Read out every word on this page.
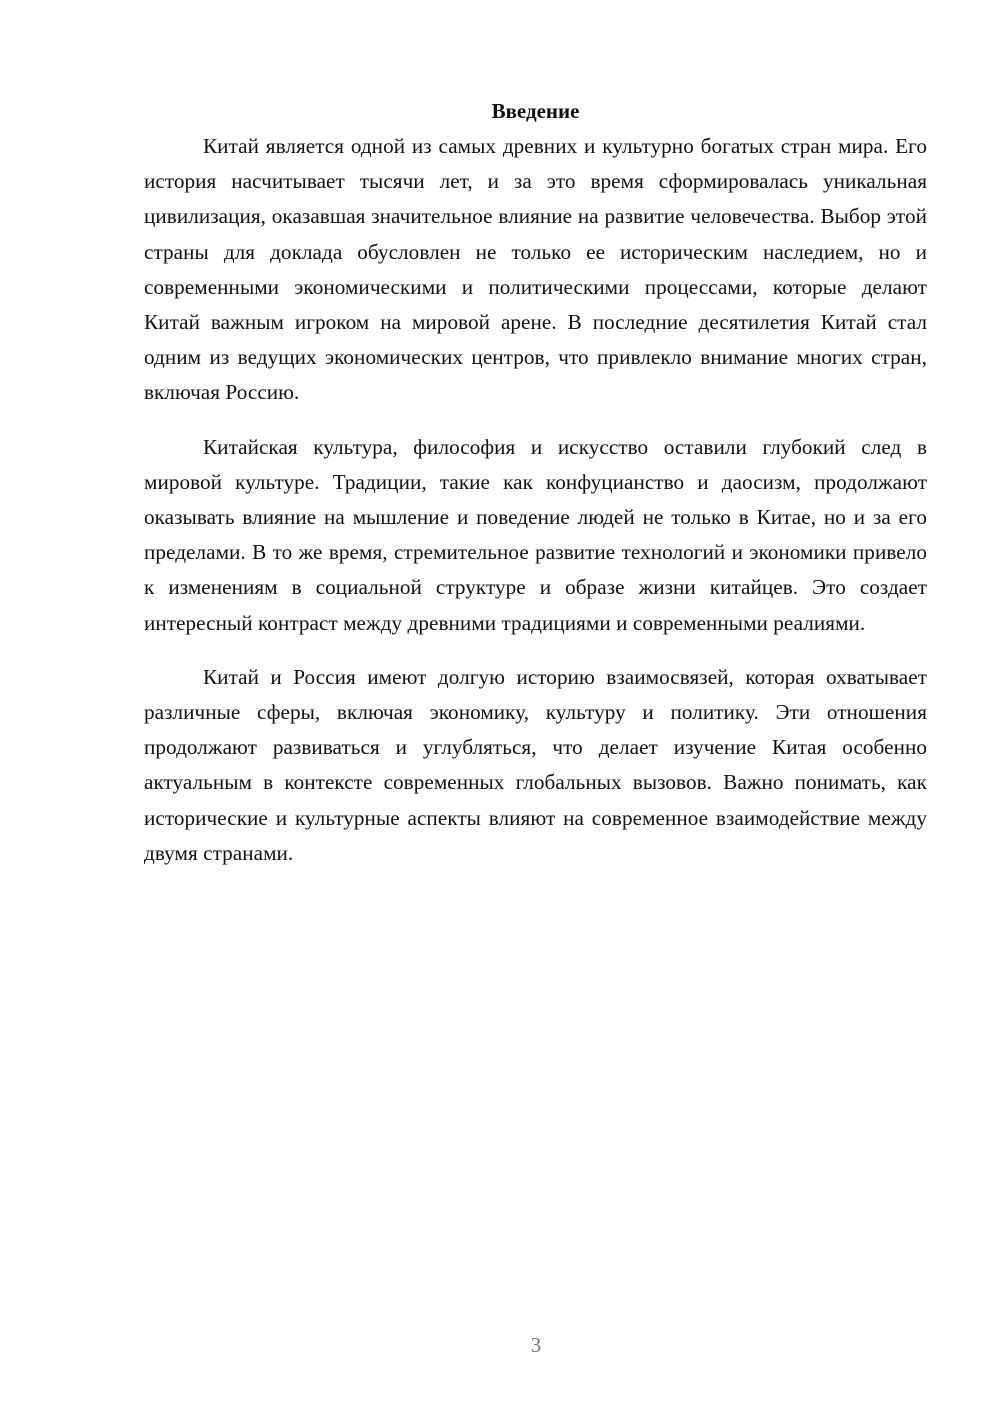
Введение

Китай является одной из самых древних и культурно богатых стран мира. Его история насчитывает тысячи лет, и за это время сформировалась уникальная цивилизация, оказавшая значительное влияние на развитие человечества. Выбор этой страны для доклада обусловлен не только ее историческим наследием, но и современными экономическими и политическими процессами, которые делают Китай важным игроком на мировой арене. В последние десятилетия Китай стал одним из ведущих экономических центров, что привлекло внимание многих стран, включая Россию.

Китайская культура, философия и искусство оставили глубокий след в мировой культуре. Традиции, такие как конфуцианство и даосизм, продолжают оказывать влияние на мышление и поведение людей не только в Китае, но и за его пределами. В то же время, стремительное развитие технологий и экономики привело к изменениям в социальной структуре и образе жизни китайцев. Это создает интересный контраст между древними традициями и современными реалиями.

Китай и Россия имеют долгую историю взаимосвязей, которая охватывает различные сферы, включая экономику, культуру и политику. Эти отношения продолжают развиваться и углубляться, что делает изучение Китая особенно актуальным в контексте современных глобальных вызовов. Важно понимать, как исторические и культурные аспекты влияют на современное взаимодействие между двумя странами.

3
